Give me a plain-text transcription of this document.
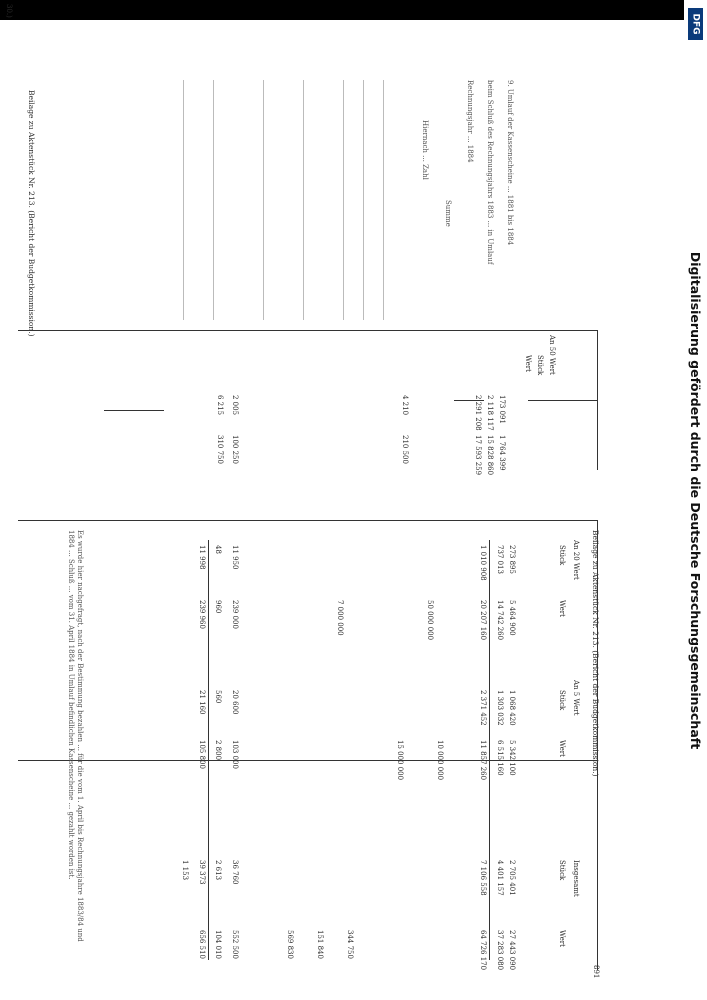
DFG
Digitalisierung gefördert durch die Deutsche Forschungsgemeinschaft
30.)
891
Beilage zu Aktenstück Nr. 213. (Bericht der Budgetkommission.)
Beilage zu Aktenstück Nr. 213. (Bericht der Budgetkommission.)
An 50 Wert
Stück
Wert
173 091
2 118 117
2 291 208
1 764 399
15 828 860
17 593 259
4 210
210 500
2 005
100 250
6 215
310 750
9. Umlauf der Kassenscheine ... 1881 bis 1884
beim Schluß des Rechnungsjahrs 1883 ... in Umlauf
Rechnungsjahr ... 1884
Summe
Hiernach ... Zahl
An 20 Wert
An 5 Wert
Insgesamt
Stück
Wert
Stück
Wert
Stück
Wert
273 895
5 464 900
1 068 420
5 342 100
2 705 401
27 443 090
737 013
14 742 260
1 303 032
6 515 160
4 401 157
37 283 080
1 010 908
20 207 160
2 371 452
11 857 260
7 106 558
64 726 170
50 000 000
7 000 000
10 000 000
15 000 000
11 950
239 000
20 600
103 000
36 760
552 500
48
960
560
2 800
2 613
104 010
11 998
239 960
21 160
105 800
39 373
656 510
1 153
344 750
151 840
569 830
Es wurde hier nachgefragt, nach der Bestimmung bezahlen ... für die vom 1. April bis Rechnungsjahre 1883/84 und 1884 ... Schluß ... vom 31. April 1884 in Umlauf befindlichen Kassenscheine ... gezahlt worden ist.
